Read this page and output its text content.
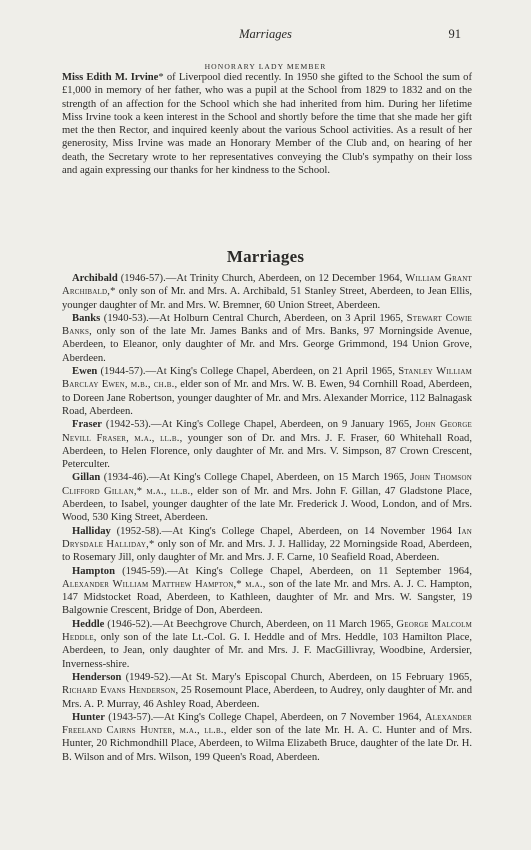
Marriages	91
HONORARY LADY MEMBER

Miss Edith M. Irvine* of Liverpool died recently. In 1950 she gifted to the School the sum of £1,000 in memory of her father, who was a pupil at the School from 1829 to 1832 and on the strength of an affection for the School which she had inherited from him. During her lifetime Miss Irvine took a keen interest in the School and shortly before the time that she made her gift met the then Rector, and inquired keenly about the various School activities. As a result of her generosity, Miss Irvine was made an Honorary Member of the Club and, on hearing of her death, the Secretary wrote to her representatives conveying the Club's sympathy on their loss and again expressing our thanks for her kindness to the School.

Marriages

Archibald (1946-57).—At Trinity Church, Aberdeen, on 12 December 1964, William Grant Archibald,* only son of Mr. and Mrs. A. Archibald, 51 Stanley Street, Aberdeen, to Jean Ellis, younger daughter of Mr. and Mrs. W. Bremner, 60 Union Street, Aberdeen.

Banks (1940-53).—At Holburn Central Church, Aberdeen, on 3 April 1965, Stewart Cowie Banks, only son of the late Mr. James Banks and of Mrs. Banks, 97 Morningside Avenue, Aberdeen, to Eleanor, only daughter of Mr. and Mrs. George Grimmond, 194 Union Grove, Aberdeen.

Ewen (1944-57).—At King's College Chapel, Aberdeen, on 21 April 1965, Stanley William Barclay Ewen, m.b., ch.b., elder son of Mr. and Mrs. W. B. Ewen, 94 Cornhill Road, Aberdeen, to Doreen Jane Robertson, younger daughter of Mr. and Mrs. Alexander Morrice, 112 Balnagask Road, Aberdeen.

Fraser (1942-53).—At King's College Chapel, Aberdeen, on 9 January 1965, John George Nevill Fraser, m.a., ll.b., younger son of Dr. and Mrs. J. F. Fraser, 60 Whitehall Road, Aberdeen, to Helen Florence, only daughter of Mr. and Mrs. V. Simpson, 87 Crown Crescent, Peterculter.

Gillan (1934-46).—At King's College Chapel, Aberdeen, on 15 March 1965, John Thomson Clifford Gillan,* m.a., ll.b., elder son of Mr. and Mrs. John F. Gillan, 47 Gladstone Place, Aberdeen, to Isabel, younger daughter of the late Mr. Frederick J. Wood, London, and of Mrs. Wood, 530 King Street, Aberdeen.

Halliday (1952-58).—At King's College Chapel, Aberdeen, on 14 November 1964 Ian Drysdale Halliday,* only son of Mr. and Mrs. J. J. Halliday, 22 Morningside Road, Aberdeen, to Rosemary Jill, only daughter of Mr. and Mrs. J. F. Carne, 10 Seafield Road, Aberdeen.

Hampton (1945-59).—At King's College Chapel, Aberdeen, on 11 September 1964, Alexander William Matthew Hampton,* m.a., son of the late Mr. and Mrs. A. J. C. Hampton, 147 Midstocket Road, Aberdeen, to Kathleen, daughter of Mr. and Mrs. W. Sangster, 19 Balgownie Crescent, Bridge of Don, Aberdeen.

Heddle (1946-52).—At Beechgrove Church, Aberdeen, on 11 March 1965, George Malcolm Heddle, only son of the late Lt.-Col. G. I. Heddle and of Mrs. Heddle, 103 Hamilton Place, Aberdeen, to Jean, only daughter of Mr. and Mrs. J. F. MacGillivray, Woodbine, Ardersier, Inverness-shire.

Henderson (1949-52).—At St. Mary's Episcopal Church, Aberdeen, on 15 February 1965, Richard Evans Henderson, 25 Rosemount Place, Aberdeen, to Audrey, only daughter of Mr. and Mrs. A. P. Murray, 46 Ashley Road, Aberdeen.

Hunter (1943-57).—At King's College Chapel, Aberdeen, on 7 November 1964, Alexander Freeland Cairns Hunter, m.a., ll.b., elder son of the late Mr. H. A. C. Hunter and of Mrs. Hunter, 20 Richmondhill Place, Aberdeen, to Wilma Elizabeth Bruce, daughter of the late Dr. H. B. Wilson and of Mrs. Wilson, 199 Queen's Road, Aberdeen.
